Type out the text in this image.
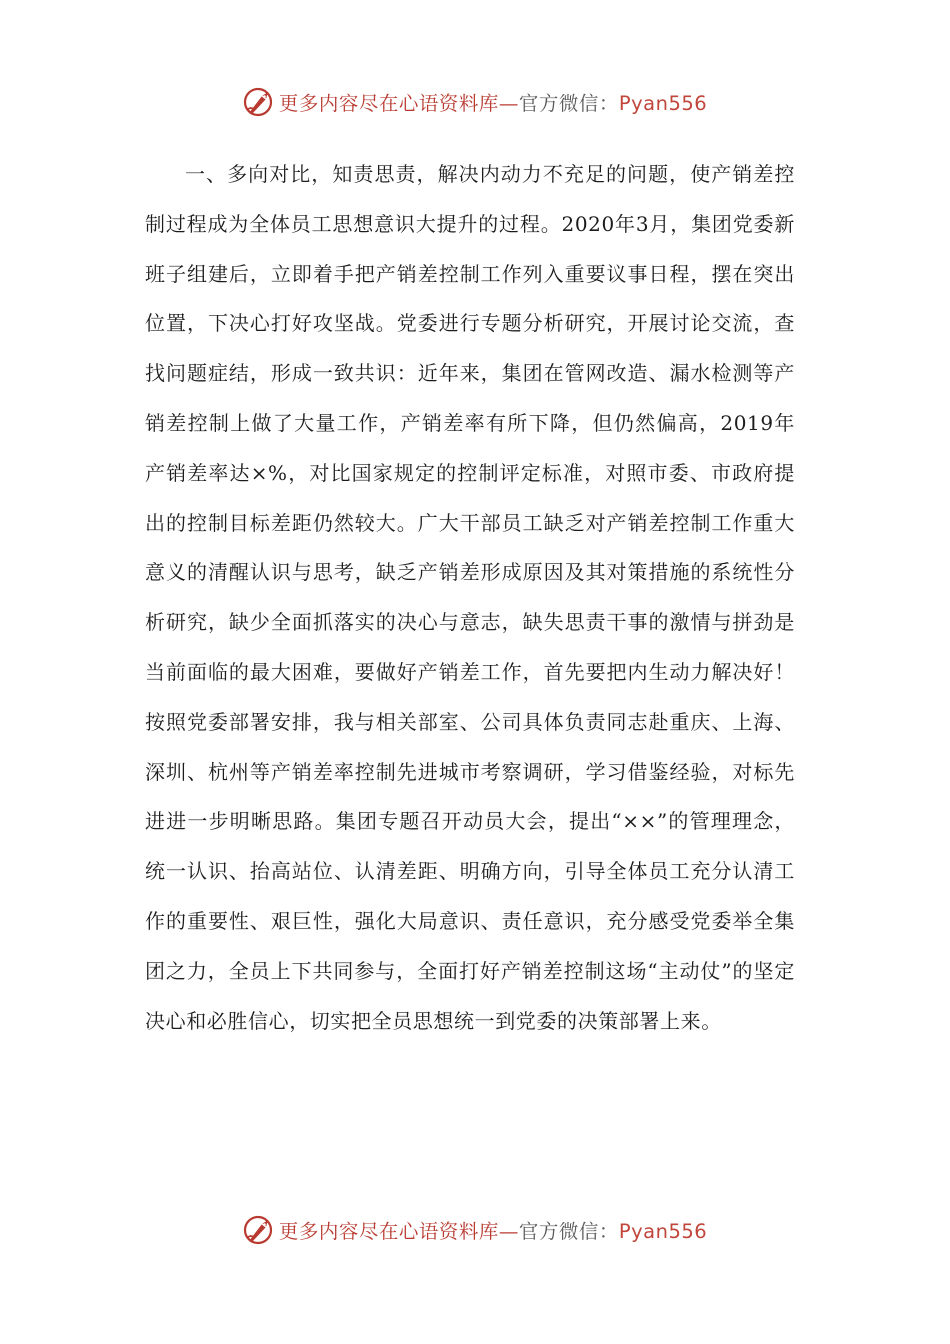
更多内容尽在心语资料库—官方微信：Pyan556

一、多向对比，知责思责，解决内动力不充足的问题，使产销差控制过程成为全体员工思想意识大提升的过程。2020年3月，集团党委新班子组建后，立即着手把产销差控制工作列入重要议事日程，摆在突出位置，下决心打好攻坚战。党委进行专题分析研究，开展讨论交流，查找问题症结，形成一致共识：近年来，集团在管网改造、漏水检测等产销差控制上做了大量工作，产销差率有所下降，但仍然偏高，2019年产销差率达×%，对比国家规定的控制评定标准，对照市委、市政府提出的控制目标差距仍然较大。广大干部员工缺乏对产销差控制工作重大意义的清醒认识与思考，缺乏产销差形成原因及其对策措施的系统性分析研究，缺少全面抓落实的决心与意志，缺失思责干事的激情与拼劲是当前面临的最大困难，要做好产销差工作，首先要把内生动力解决好！按照党委部署安排，我与相关部室、公司具体负责同志赴重庆、上海、深圳、杭州等产销差率控制先进城市考察调研，学习借鉴经验，对标先进进一步明晰思路。集团专题召开动员大会，提出“××”的管理理念，统一认识、抬高站位、认清差距、明确方向，引导全体员工充分认清工作的重要性、艰巨性，强化大局意识、责任意识，充分感受党委举全集团之力，全员上下共同参与，全面打好产销差控制这场“主动仗”的坚定决心和必胜信心，切实把全员思想统一到党委的决策部署上来。

更多内容尽在心语资料库—官方微信：Pyan556
